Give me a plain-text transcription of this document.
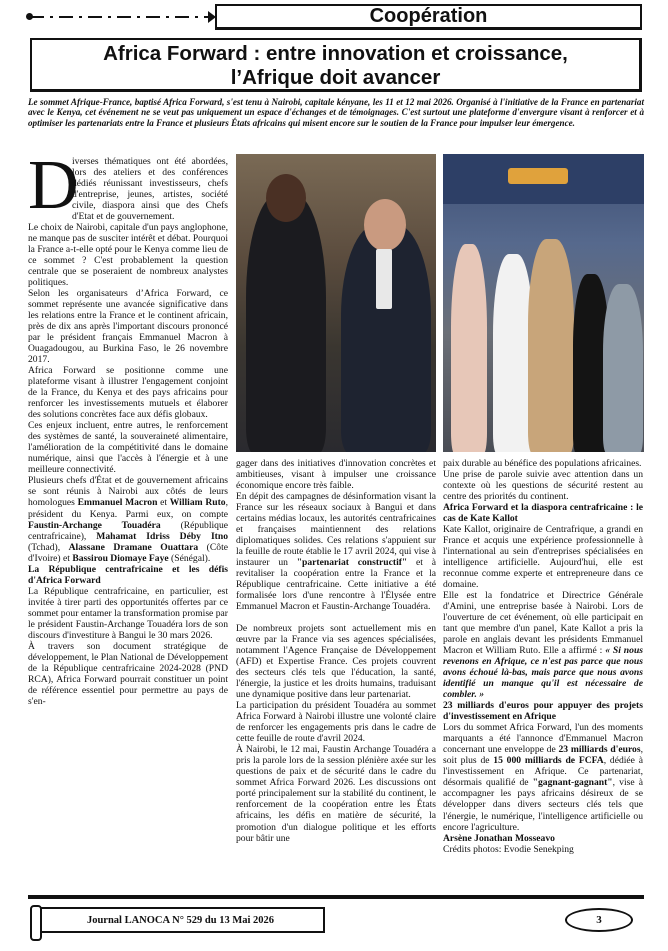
Coopération
Africa Forward : entre innovation et croissance,
l’Afrique doit avancer
Le sommet Afrique-France, baptisé Africa Forward, s'est tenu à Nairobi, capitale kényane, les 11 et 12 mai 2026. Organisé à l'initiative de la France en partenariat avec le Kenya, cet événement ne se veut pas uniquement un espace d'échanges et de témoignages. C'est surtout une plateforme d'envergure visant à renforcer et à optimiser les partenariats entre la France et plusieurs États africains qui misent encore sur le soutien de la France pour impulser leur émergence.
D

iverses thématiques ont été abordées, lors des ateliers et des conférences dédiés réunissant investisseurs, chefs d'entreprise, jeunes, artistes, société civile, diaspora ainsi que des Chefs d'Etat et de gouvernement.

Le choix de Nairobi, capitale d'un pays anglophone, ne manque pas de susciter intérêt et débat. Pourquoi la France a-t-elle opté pour le Kenya comme lieu de ce sommet ? C'est probablement la question centrale que se poseraient de nombreux analystes politiques.

Selon les organisateurs d’Africa Forward, ce sommet représente une avancée significative dans les relations entre la France et le continent africain, près de dix ans après l'important discours prononcé par le président français Emmanuel Macron à Ouagadougou, au Burkina Faso, le 26 novembre 2017.

Africa Forward se positionne comme une plateforme visant à illustrer l'engagement conjoint de la France, du Kenya et des pays africains pour renforcer les investissements mutuels et élaborer des solutions concrètes face aux défis globaux.

Ces enjeux incluent, entre autres, le renforcement des systèmes de santé, la souveraineté alimentaire, l'amélioration de la compétitivité dans le domaine numérique, ainsi que l'accès à l'énergie et à une meilleure connectivité.

Plusieurs chefs d'État et de gouvernement africains se sont réunis à Nairobi aux côtés de leurs homologues Emmanuel Macron et William Ruto, président du Kenya. Parmi eux, on compte Faustin-Archange Touadéra (République centrafricaine), Mahamat Idriss Déby Itno (Tchad), Alassane Dramane Ouattara (Côte d'Ivoire) et Bassirou Diomaye Faye (Sénégal).

La République centrafricaine et les défis d'Africa Forward

La République centrafricaine, en particulier, est invitée à tirer parti des opportunités offertes par ce sommet pour entamer la transformation promise par le président Faustin-Archange Touadéra lors de son discours d'investiture à Bangui le 30 mars 2026.

À travers son document stratégique de développement, le Plan National de Développement de la République centrafricaine 2024-2028 (PND RCA), Africa Forward pourrait constituer un point de référence essentiel pour permettre au pays de s'en-

gager dans des initiatives d'innovation concrètes et ambitieuses, visant à impulser une croissance économique encore très faible.

En dépit des campagnes de désinformation visant la France sur les réseaux sociaux à Bangui et dans certains médias locaux, les autorités centrafricaines et françaises maintiennent des relations diplomatiques solides. Ces relations s'appuient sur la feuille de route établie le 17 avril 2024, qui vise à instaurer un "partenariat constructif" et à revitaliser la coopération entre la France et la République centrafricaine. Cette initiative a été formalisée lors d'une rencontre à l'Élysée entre Emmanuel Macron et Faustin-Archange Touadéra.

De nombreux projets sont actuellement mis en œuvre par la France via ses agences spécialisées, notamment l'Agence Française de Développement (AFD) et Expertise France. Ces projets couvrent des secteurs clés tels que l'éducation, la santé, l'énergie, la justice et les droits humains, traduisant une dynamique positive dans leur partenariat.

La participation du président Touadéra au sommet Africa Forward à Nairobi illustre une volonté claire de renforcer les engagements pris dans le cadre de cette feuille de route d'avril 2024.

À Nairobi, le 12 mai, Faustin Archange Touadéra a pris la parole lors de la session plénière axée sur les questions de paix et de sécurité dans le cadre du sommet Africa Forward 2026. Les discussions ont porté principalement sur la stabilité du continent, le renforcement de la coopération entre les États africains, les défis en matière de sécurité, la promotion d'un dialogue politique et les efforts pour bâtir une

paix durable au bénéfice des populations africaines.

Une prise de parole suivie avec attention dans un contexte où les questions de sécurité restent au centre des priorités du continent.

Africa Forward et la diaspora centrafricaine : le cas de Kate Kallot

Kate Kallot, originaire de Centrafrique, a grandi en France et acquis une expérience professionnelle à l'international au sein d'entreprises spécialisées en intelligence artificielle. Aujourd'hui, elle est reconnue comme experte et entrepreneure dans ce domaine.

Elle est la fondatrice et Directrice Générale d'Amini, une entreprise basée à Nairobi. Lors de l'ouverture de cet événement, où elle participait en tant que membre d'un panel, Kate Kallot a pris la parole en anglais devant les présidents Emmanuel Macron et William Ruto. Elle a affirmé : « Si nous revenons en Afrique, ce n'est pas parce que nous avons échoué là-bas, mais parce que nous avons identifié un manque qu'il est nécessaire de combler. »

23 milliards d'euros pour appuyer des projets d'investissement en Afrique

Lors du sommet Africa Forward, l'un des moments marquants a été l'annonce d'Emmanuel Macron concernant une enveloppe de 23 milliards d'euros, soit plus de 15 000 milliards de FCFA, dédiée à l'investissement en Afrique. Ce partenariat, désormais qualifié de "gagnant-gagnant", vise à accompagner les pays africains désireux de se développer dans divers secteurs clés tels que l'énergie, le numérique, l'intelligence artificielle ou encore l'agriculture.

Arsène Jonathan Mosseavo

Crédits photos: Evodie Senekping

Journal LANOCA N° 529 du 13 Mai 2026	3
